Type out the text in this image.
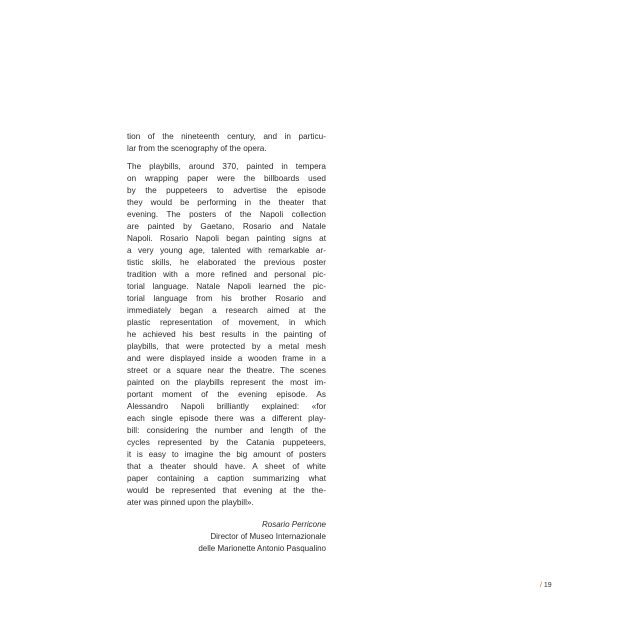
tion of the nineteenth century, and in particu-
lar from the scenography of the opera.
The playbills, around 370, painted in tempera
on wrapping paper were the billboards used
by the puppeteers to advertise the episode
they would be performing in the theater that
evening. The posters of the Napoli collection
are painted by Gaetano, Rosario and Natale
Napoli. Rosario Napoli began painting signs at
a very young age, talented with remarkable ar-
tistic skills, he elaborated the previous poster
tradition with a more refined and personal pic-
torial language. Natale Napoli learned the pic-
torial language from his brother Rosario and
immediately began a research aimed at the
plastic representation of movement, in which
he achieved his best results in the painting of
playbills, that were protected by a metal mesh
and were displayed inside a wooden frame in a
street or a square near the theatre. The scenes
painted on the playbills represent the most im-
portant moment of the evening episode. As
Alessandro Napoli brilliantly explained: «for
each single episode there was a different play-
bill: considering the number and length of the
cycles represented by the Catania puppeteers,
it is easy to imagine the big amount of posters
that a theater should have. A sheet of white
paper containing a caption summarizing what
would be represented that evening at the the-
ater was pinned upon the playbill».
Rosario Perricone
Director of Museo Internazionale
delle Marionette Antonio Pasqualino
/ 19
